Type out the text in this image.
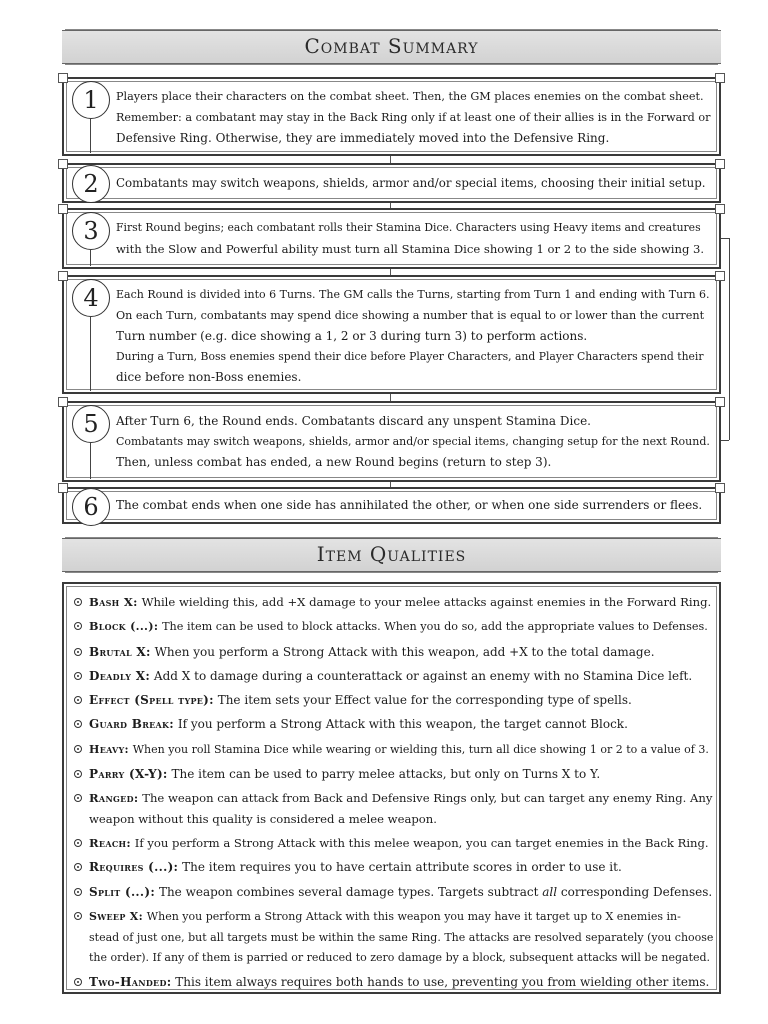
Combat Summary
1	Players place their characters on the combat sheet. Then, the GM places enemies on the combat sheet.
Remember: a combatant may stay in the Back Ring only if at least one of their allies is in the Forward or
Defensive Ring. Otherwise, they are immediately moved into the Defensive Ring.
2	Combatants may switch weapons, shields, armor and/or special items, choosing their initial setup.
3	First Round begins; each combatant rolls their Stamina Dice. Characters using Heavy items and creatures
with the Slow and Powerful ability must turn all Stamina Dice showing 1 or 2 to the side showing 3.
4	Each Round is divided into 6 Turns. The GM calls the Turns, starting from Turn 1 and ending with Turn 6.
On each Turn, combatants may spend dice showing a number that is equal to or lower than the current
Turn number (e.g. dice showing a 1, 2 or 3 during turn 3) to perform actions.
During a Turn, Boss enemies spend their dice before Player Characters, and Player Characters spend their
dice before non-Boss enemies.
5	After Turn 6, the Round ends. Combatants discard any unspent Stamina Dice.
Combatants may switch weapons, shields, armor and/or special items, changing setup for the next Round.
Then, unless combat has ended, a new Round begins (return to step 3).
6	The combat ends when one side has annihilated the other, or when one side surrenders or flees.
Item Qualities
Bash X: While wielding this, add +X damage to your melee attacks against enemies in the Forward Ring.
Block (...): The item can be used to block attacks. When you do so, add the appropriate values to Defenses.
Brutal X: When you perform a Strong Attack with this weapon, add +X to the total damage.
Deadly X: Add X to damage during a counterattack or against an enemy with no Stamina Dice left.
Effect (Spell type): The item sets your Effect value for the corresponding type of spells.
Guard Break: If you perform a Strong Attack with this weapon, the target cannot Block.
Heavy: When you roll Stamina Dice while wearing or wielding this, turn all dice showing 1 or 2 to a value of 3.
Parry (X-Y): The item can be used to parry melee attacks, but only on Turns X to Y.
Ranged: The weapon can attack from Back and Defensive Rings only, but can target any enemy Ring. Any
weapon without this quality is considered a melee weapon.
Reach: If you perform a Strong Attack with this melee weapon, you can target enemies in the Back Ring.
Requires (...): The item requires you to have certain attribute scores in order to use it.
Split (...): The weapon combines several damage types. Targets subtract all corresponding Defenses.
Sweep X: When you perform a Strong Attack with this weapon you may have it target up to X enemies in-
stead of just one, but all targets must be within the same Ring. The attacks are resolved separately (you choose
the order). If any of them is parried or reduced to zero damage by a block, subsequent attacks will be negated.
Two-Handed: This item always requires both hands to use, preventing you from wielding other items.
